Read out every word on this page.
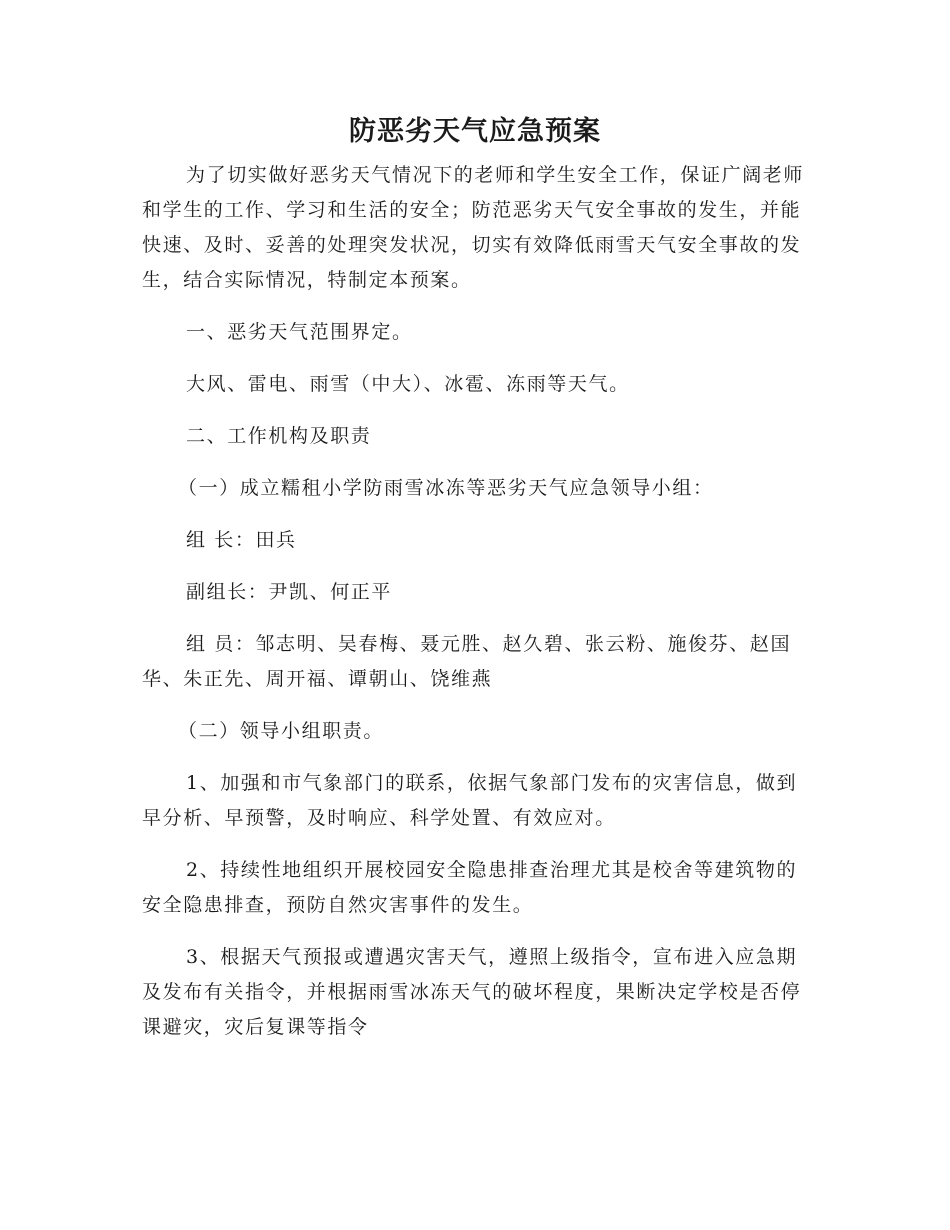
防恶劣天气应急预案

为了切实做好恶劣天气情况下的老师和学生安全工作，保证广阔老师和学生的工作、学习和生活的安全；防范恶劣天气安全事故的发生，并能快速、及时、妥善的处理突发状况，切实有效降低雨雪天气安全事故的发生，结合实际情况，特制定本预案。

一、恶劣天气范围界定。

大风、雷电、雨雪（中大）、冰雹、冻雨等天气。

二、工作机构及职责

（一）成立糯租小学防雨雪冰冻等恶劣天气应急领导小组：

组 长：田兵

副组长：尹凯、何正平

组 员：邹志明、吴春梅、聂元胜、赵久碧、张云粉、施俊芬、赵国华、朱正先、周开福、谭朝山、饶维燕

（二）领导小组职责。

1、加强和市气象部门的联系，依据气象部门发布的灾害信息，做到早分析、早预警，及时响应、科学处置、有效应对。

2、持续性地组织开展校园安全隐患排查治理尤其是校舍等建筑物的安全隐患排查，预防自然灾害事件的发生。

3、根据天气预报或遭遇灾害天气，遵照上级指令，宣布进入应急期及发布有关指令，并根据雨雪冰冻天气的破坏程度，果断决定学校是否停课避灾，灾后复课等指令
